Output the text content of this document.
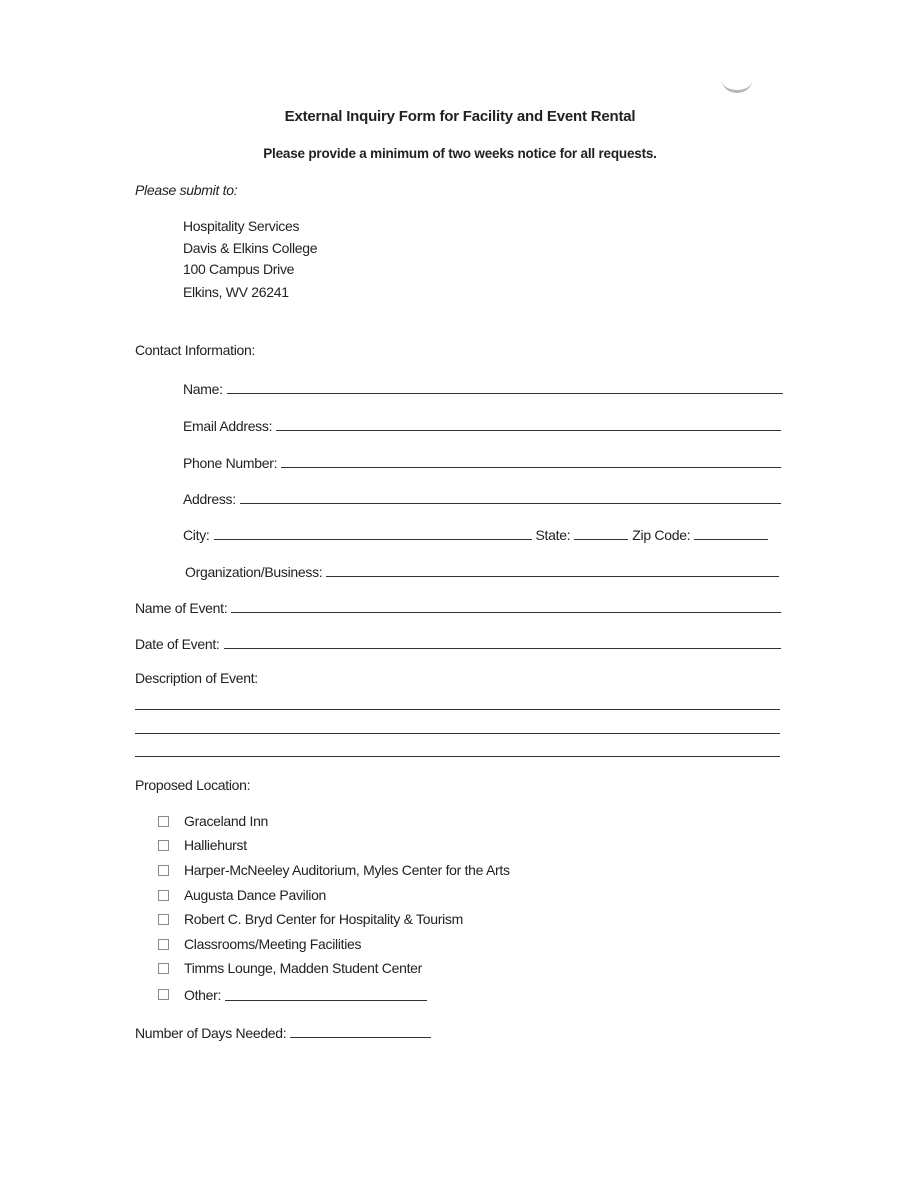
External Inquiry Form for Facility and Event Rental
Please provide a minimum of two weeks notice for all requests.
Please submit to:
Hospitality Services
Davis & Elkins College
100 Campus Drive
Elkins, WV 26241
Contact Information:
Name:
Email Address:
Phone Number:
Address:
City:	State:	Zip Code:
Organization/Business:
Name of Event:
Date of Event:
Description of Event:
Proposed Location:
Graceland Inn
Halliehurst
Harper-McNeeley Auditorium, Myles Center for the Arts
Augusta Dance Pavilion
Robert C. Bryd Center for Hospitality & Tourism
Classrooms/Meeting Facilities
Timms Lounge, Madden Student Center
Other:
Number of Days Needed:
